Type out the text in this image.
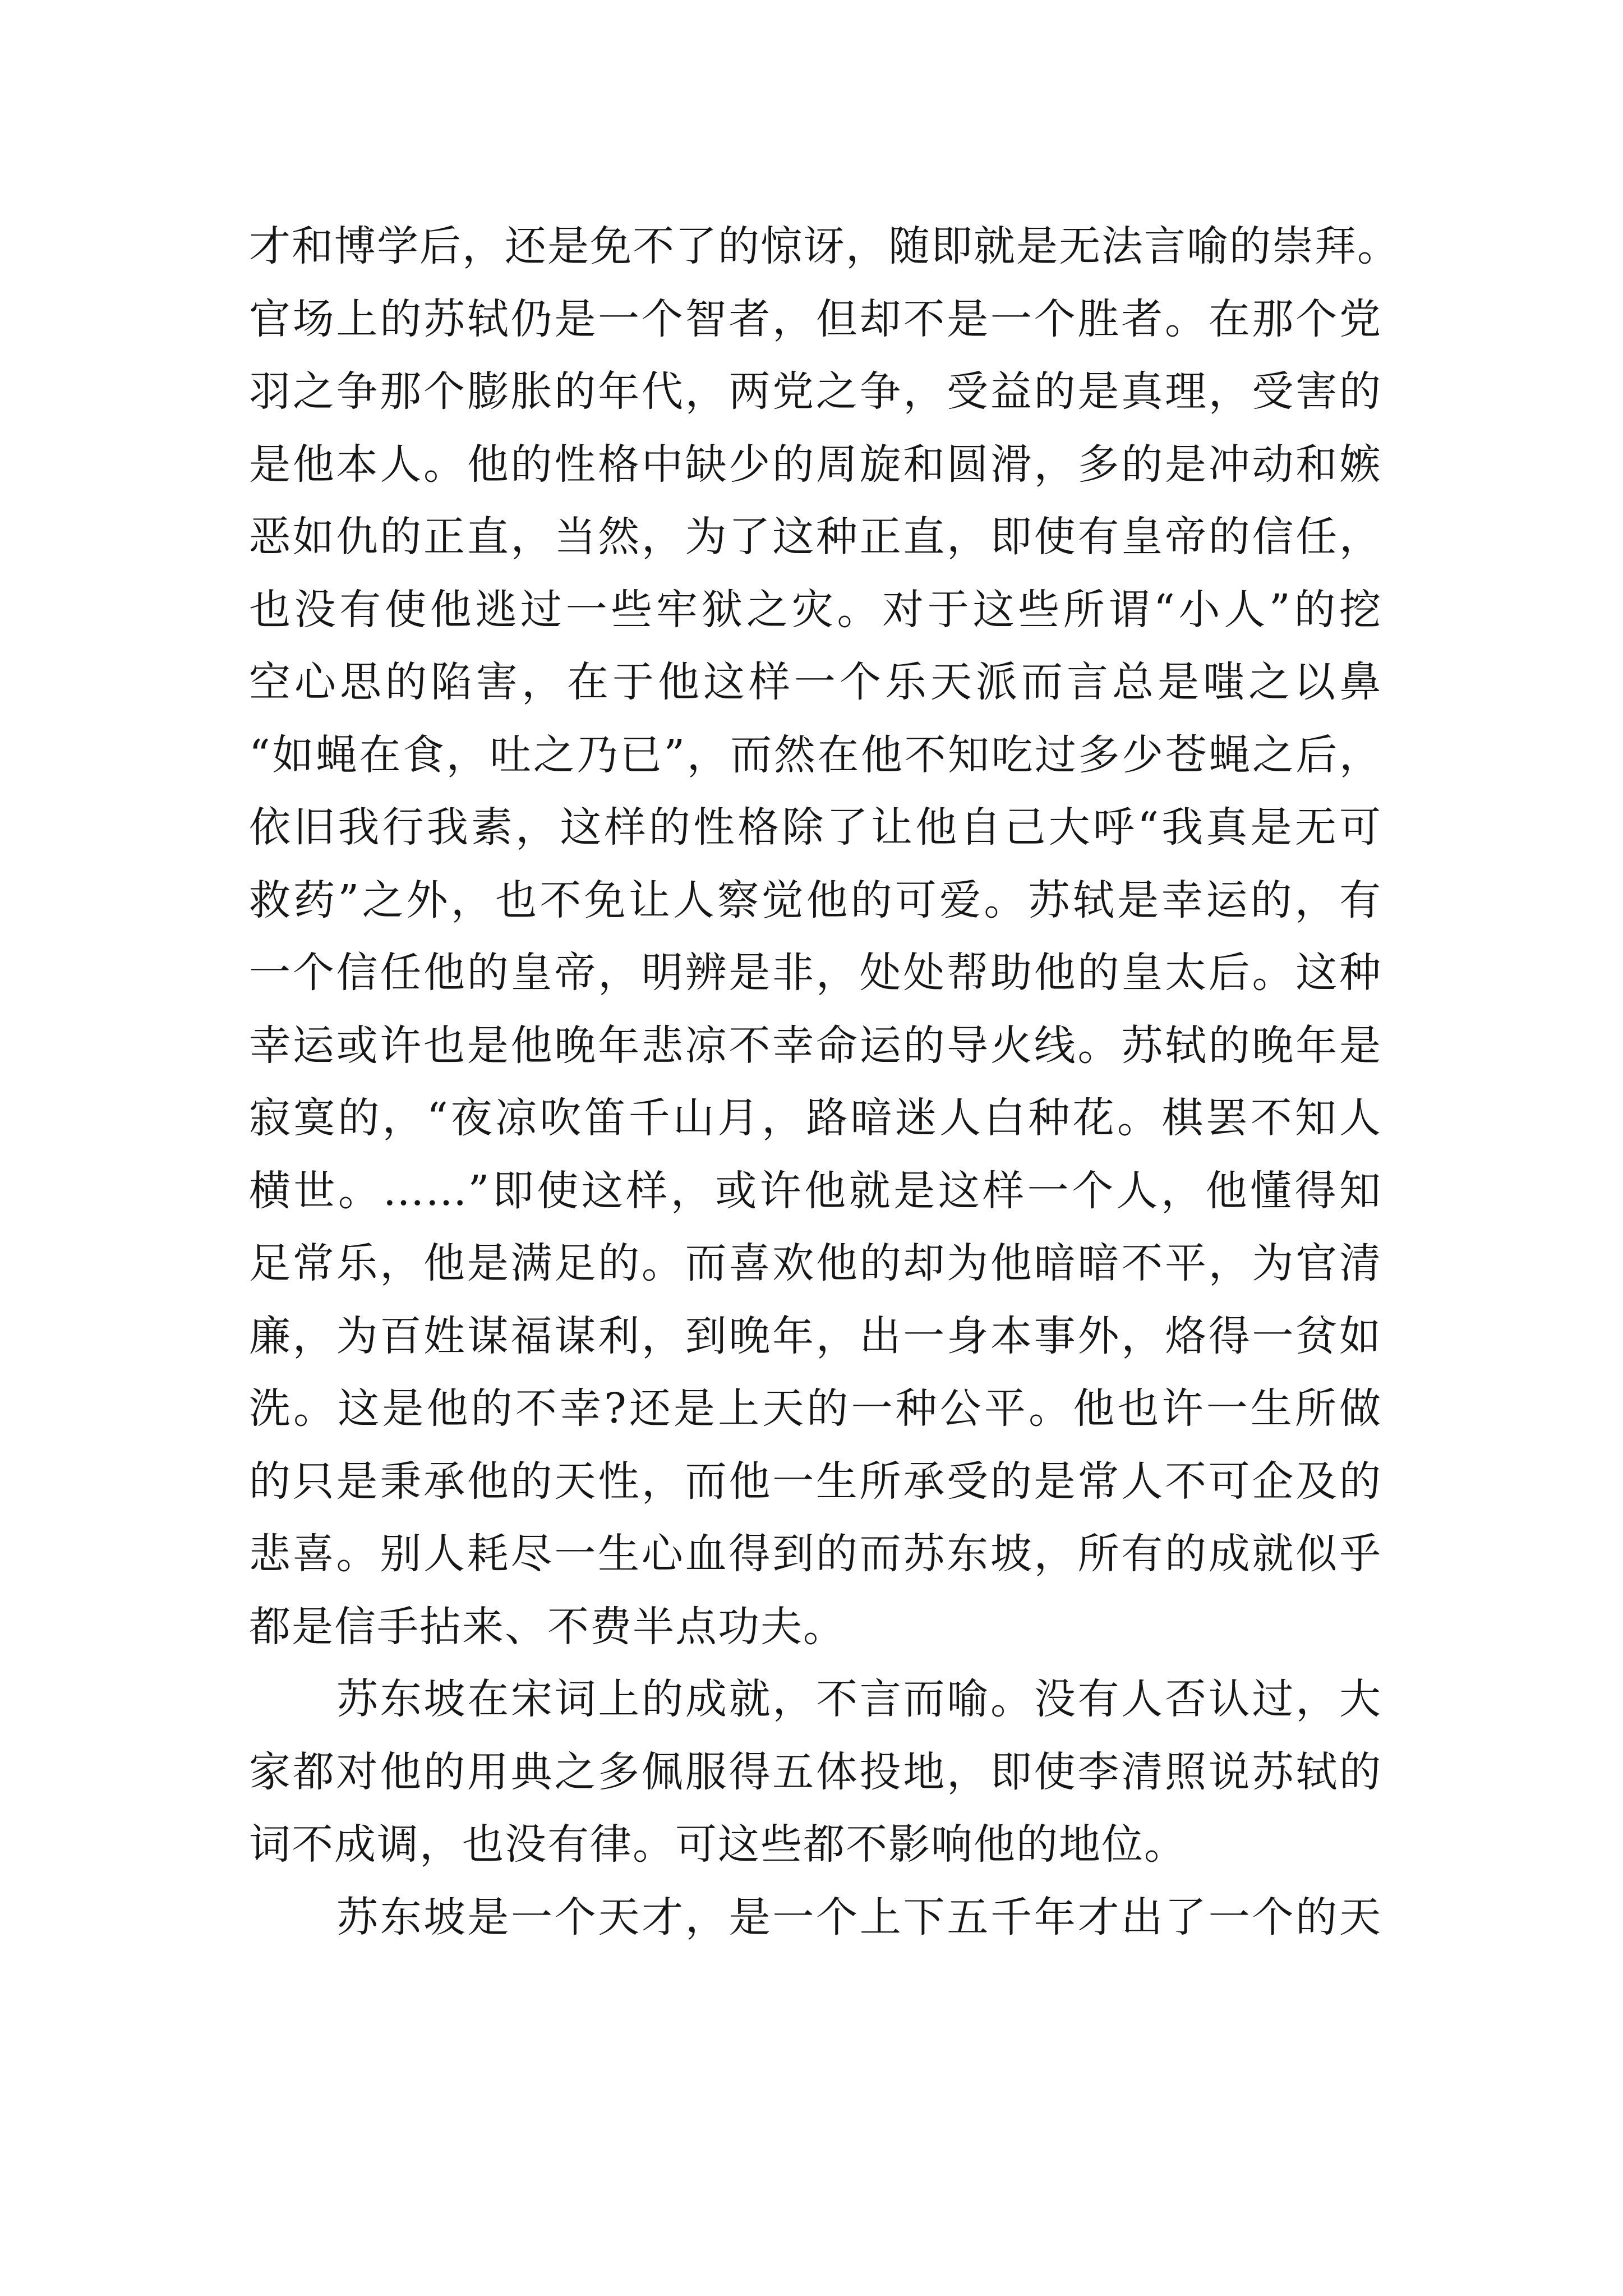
才和博学后，还是免不了的惊讶，随即就是无法言喻的崇拜。
官场上的苏轼仍是一个智者，但却不是一个胜者。在那个党
羽之争那个膨胀的年代，两党之争，受益的是真理，受害的
是他本人。他的性格中缺少的周旋和圆滑，多的是冲动和嫉
恶如仇的正直，当然，为了这种正直，即使有皇帝的信任，
也没有使他逃过一些牢狱之灾。对于这些所谓“小人”的挖
空心思的陷害，在于他这样一个乐天派而言总是嗤之以鼻
“如蝇在食，吐之乃已”，而然在他不知吃过多少苍蝇之后，
依旧我行我素，这样的性格除了让他自己大呼“我真是无可
救药”之外，也不免让人察觉他的可爱。苏轼是幸运的，有
一个信任他的皇帝，明辨是非，处处帮助他的皇太后。这种
幸运或许也是他晚年悲凉不幸命运的导火线。苏轼的晚年是
寂寞的，“夜凉吹笛千山月，路暗迷人白种花。棋罢不知人
横世。……”即使这样，或许他就是这样一个人，他懂得知
足常乐，他是满足的。而喜欢他的却为他暗暗不平，为官清
廉，为百姓谋福谋利，到晚年，出一身本事外，烙得一贫如
洗。这是他的不幸?还是上天的一种公平。他也许一生所做
的只是秉承他的天性，而他一生所承受的是常人不可企及的
悲喜。别人耗尽一生心血得到的而苏东坡，所有的成就似乎
都是信手拈来、不费半点功夫。
苏东坡在宋词上的成就，不言而喻。没有人否认过，大
家都对他的用典之多佩服得五体投地，即使李清照说苏轼的
词不成调，也没有律。可这些都不影响他的地位。
苏东坡是一个天才，是一个上下五千年才出了一个的天
